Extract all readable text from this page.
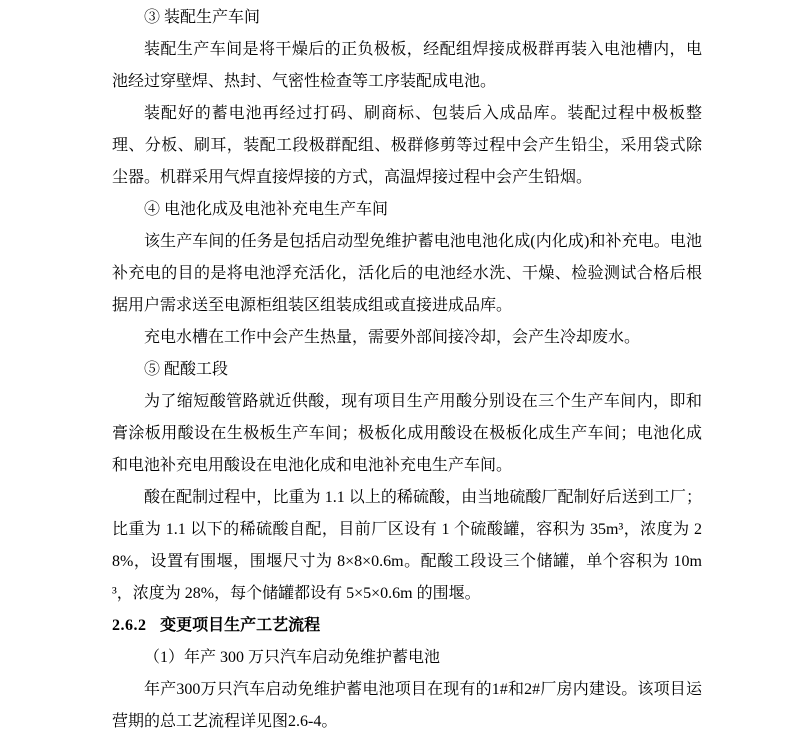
③ 装配生产车间

装配生产车间是将干燥后的正负极板，经配组焊接成极群再装入电池槽内，电池经过穿壁焊、热封、气密性检查等工序装配成电池。

装配好的蓄电池再经过打码、刷商标、包装后入成品库。装配过程中极板整理、分板、刷耳，装配工段极群配组、极群修剪等过程中会产生铅尘，采用袋式除尘器。机群采用气焊直接焊接的方式，高温焊接过程中会产生铅烟。

④ 电池化成及电池补充电生产车间

该生产车间的任务是包括启动型免维护蓄电池电池化成(内化成)和补充电。电池补充电的目的是将电池浮充活化，活化后的电池经水洗、干燥、检验测试合格后根据用户需求送至电源柜组装区组装成组或直接进成品库。

充电水槽在工作中会产生热量，需要外部间接冷却，会产生冷却废水。

⑤ 配酸工段

为了缩短酸管路就近供酸，现有项目生产用酸分别设在三个生产车间内，即和膏涂板用酸设在生极板生产车间；极板化成用酸设在极板化成生产车间；电池化成和电池补充电用酸设在电池化成和电池补充电生产车间。

酸在配制过程中，比重为 1.1 以上的稀硫酸，由当地硫酸厂配制好后送到工厂；比重为 1.1 以下的稀硫酸自配，目前厂区设有 1 个硫酸罐，容积为 35m³，浓度为 28%，设置有围堰，围堰尺寸为 8×8×0.6m。配酸工段设三个储罐，单个容积为 10m³，浓度为 28%，每个储罐都设有 5×5×0.6m 的围堰。

2.6.2 变更项目生产工艺流程

（1）年产 300 万只汽车启动免维护蓄电池

年产300万只汽车启动免维护蓄电池项目在现有的1#和2#厂房内建设。该项目运营期的总工艺流程详见图2.6-4。
